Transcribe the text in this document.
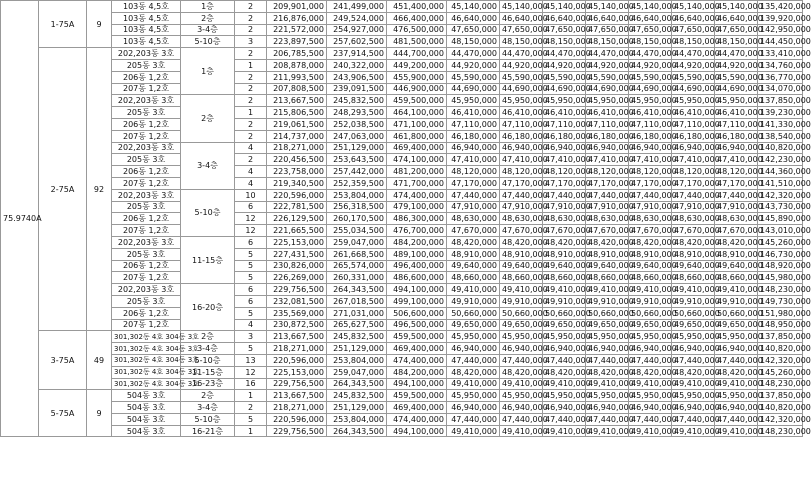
75.9740A	1-75A	9	103동 4,5호	1층	2	209,901,000	241,499,000	451,400,000	45,140,000	45,140,000	45,140,000	45,140,000	45,140,000	45,140,000	45,140,000	135,420,000
			103동 4,5호	2층	2	216,876,000	249,524,000	466,400,000	46,640,000	46,640,000	46,640,000	46,640,000	46,640,000	46,640,000	46,640,000	139,920,000
			103동 4,5호	3-4층	2	221,572,000	254,927,000	476,500,000	47,650,000	47,650,000	47,650,000	47,650,000	47,650,000	47,650,000	47,650,000	142,950,000
			103동 4,5호	5-10층	3	223,897,500	257,602,500	481,500,000	48,150,000	48,150,000	48,150,000	48,150,000	48,150,000	48,150,000	48,150,000	144,450,000
	2-75A	92	202,203동 3호	1층	2	206,785,500	237,914,500	444,700,000	44,470,000	44,470,000	44,470,000	44,470,000	44,470,000	44,470,000	44,470,000	133,410,000
			205동 3호		1	208,878,000	240,322,000	449,200,000	44,920,000	44,920,000	44,920,000	44,920,000	44,920,000	44,920,000	44,920,000	134,760,000
			206동 1,2호		2	211,993,500	243,906,500	455,900,000	45,590,000	45,590,000	45,590,000	45,590,000	45,590,000	45,590,000	45,590,000	136,770,000
			207동 1,2호		2	207,808,500	239,091,500	446,900,000	44,690,000	44,690,000	44,690,000	44,690,000	44,690,000	44,690,000	44,690,000	134,070,000
			202,203동 3호	2층	2	213,667,500	245,832,500	459,500,000	45,950,000	45,950,000	45,950,000	45,950,000	45,950,000	45,950,000	45,950,000	137,850,000
			205동 3호		1	215,806,500	248,293,500	464,100,000	46,410,000	46,410,000	46,410,000	46,410,000	46,410,000	46,410,000	46,410,000	139,230,000
			206동 1,2호		2	219,061,500	252,038,500	471,100,000	47,110,000	47,110,000	47,110,000	47,110,000	47,110,000	47,110,000	47,110,000	141,330,000
			207동 1,2호		2	214,737,000	247,063,000	461,800,000	46,180,000	46,180,000	46,180,000	46,180,000	46,180,000	46,180,000	46,180,000	138,540,000
			202,203동 3호	3-4층	4	218,271,000	251,129,000	469,400,000	46,940,000	46,940,000	46,940,000	46,940,000	46,940,000	46,940,000	46,940,000	140,820,000
			205동 3호		2	220,456,500	253,643,500	474,100,000	47,410,000	47,410,000	47,410,000	47,410,000	47,410,000	47,410,000	47,410,000	142,230,000
			206동 1,2호		4	223,758,000	257,442,000	481,200,000	48,120,000	48,120,000	48,120,000	48,120,000	48,120,000	48,120,000	48,120,000	144,360,000
			207동 1,2호		4	219,340,500	252,359,500	471,700,000	47,170,000	47,170,000	47,170,000	47,170,000	47,170,000	47,170,000	47,170,000	141,510,000
			202,203동 3호	5-10층	10	220,596,000	253,804,000	474,400,000	47,440,000	47,440,000	47,440,000	47,440,000	47,440,000	47,440,000	47,440,000	142,320,000
			205동 3호		6	222,781,500	256,318,500	479,100,000	47,910,000	47,910,000	47,910,000	47,910,000	47,910,000	47,910,000	47,910,000	143,730,000
			206동 1,2호		12	226,129,500	260,170,500	486,300,000	48,630,000	48,630,000	48,630,000	48,630,000	48,630,000	48,630,000	48,630,000	145,890,000
			207동 1,2호		12	221,665,500	255,034,500	476,700,000	47,670,000	47,670,000	47,670,000	47,670,000	47,670,000	47,670,000	47,670,000	143,010,000
			202,203동 3호	11-15층	6	225,153,000	259,047,000	484,200,000	48,420,000	48,420,000	48,420,000	48,420,000	48,420,000	48,420,000	48,420,000	145,260,000
			205동 3호		5	227,431,500	261,668,500	489,100,000	48,910,000	48,910,000	48,910,000	48,910,000	48,910,000	48,910,000	48,910,000	146,730,000
			206동 1,2호		5	230,826,000	265,574,000	496,400,000	49,640,000	49,640,000	49,640,000	49,640,000	49,640,000	49,640,000	49,640,000	148,920,000
			207동 1,2호		5	226,269,000	260,331,000	486,600,000	48,660,000	48,660,000	48,660,000	48,660,000	48,660,000	48,660,000	48,660,000	145,980,000
			202,203동 3호	16-20층	6	229,756,500	264,343,500	494,100,000	49,410,000	49,410,000	49,410,000	49,410,000	49,410,000	49,410,000	49,410,000	148,230,000
			205동 3호		6	232,081,500	267,018,500	499,100,000	49,910,000	49,910,000	49,910,000	49,910,000	49,910,000	49,910,000	49,910,000	149,730,000
			206동 1,2호		5	235,569,000	271,031,000	506,600,000	50,660,000	50,660,000	50,660,000	50,660,000	50,660,000	50,660,000	50,660,000	151,980,000
			207동 1,2호		4	230,872,500	265,627,500	496,500,000	49,650,000	49,650,000	49,650,000	49,650,000	49,650,000	49,650,000	49,650,000	148,950,000
	3-75A	49	301,302동 4호 304동 3호	2층	3	213,667,500	245,832,500	459,500,000	45,950,000	45,950,000	45,950,000	45,950,000	45,950,000	45,950,000	45,950,000	137,850,000
			301,302동 4호 304동 3호	3-4층	5	218,271,000	251,129,000	469,400,000	46,940,000	46,940,000	46,940,000	46,940,000	46,940,000	46,940,000	46,940,000	140,820,000
			301,302동 4호 304동 3호	5-10층	13	220,596,000	253,804,000	474,400,000	47,440,000	47,440,000	47,440,000	47,440,000	47,440,000	47,440,000	47,440,000	142,320,000
			301,302동 4호 304동 3호	11-15층	12	225,153,000	259,047,000	484,200,000	48,420,000	48,420,000	48,420,000	48,420,000	48,420,000	48,420,000	48,420,000	145,260,000
			301,302동 4호 304동 3호	16-23층	16	229,756,500	264,343,500	494,100,000	49,410,000	49,410,000	49,410,000	49,410,000	49,410,000	49,410,000	49,410,000	148,230,000
	5-75A	9	504동 3호	2층	1	213,667,500	245,832,500	459,500,000	45,950,000	45,950,000	45,950,000	45,950,000	45,950,000	45,950,000	45,950,000	137,850,000
			504동 3호	3-4층	2	218,271,000	251,129,000	469,400,000	46,940,000	46,940,000	46,940,000	46,940,000	46,940,000	46,940,000	46,940,000	140,820,000
			504동 3호	5-10층	5	220,596,000	253,804,000	474,400,000	47,440,000	47,440,000	47,440,000	47,440,000	47,440,000	47,440,000	47,440,000	142,320,000
			504동 3호	16-21층	1	229,756,500	264,343,500	494,100,000	49,410,000	49,410,000	49,410,000	49,410,000	49,410,000	49,410,000	49,410,000	148,230,000
